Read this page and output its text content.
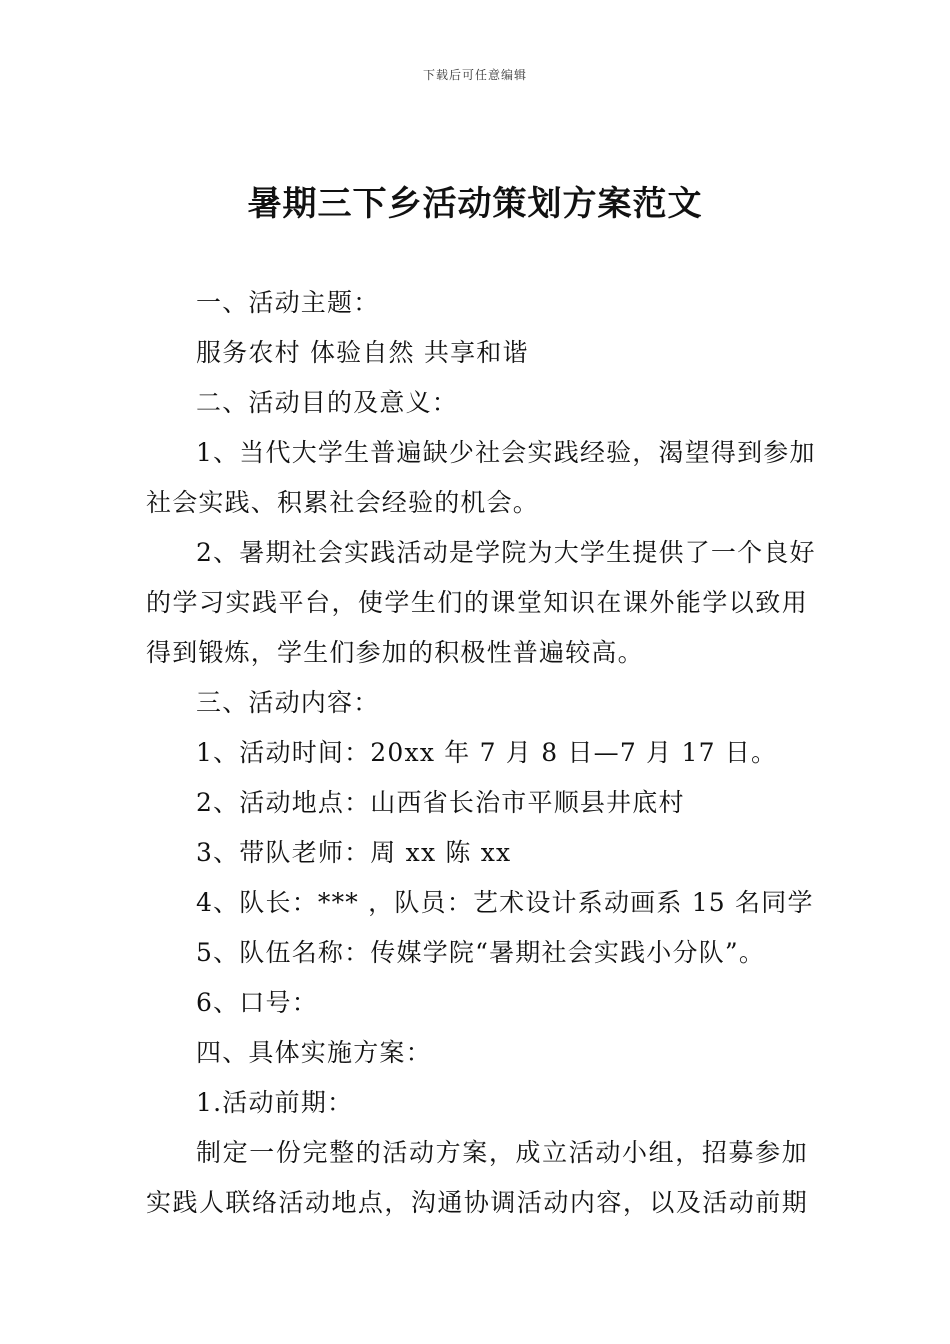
下载后可任意编辑
暑期三下乡活动策划方案范文
一、活动主题：
服务农村 体验自然 共享和谐
二、活动目的及意义：
1、当代大学生普遍缺少社会实践经验，渴望得到参加
社会实践、积累社会经验的机会。
2、暑期社会实践活动是学院为大学生提供了一个良好
的学习实践平台，使学生们的课堂知识在课外能学以致用
得到锻炼，学生们参加的积极性普遍较高。
三、活动内容：
1、活动时间：20xx 年 7 月 8 日—7 月 17 日。
2、活动地点：山西省长治市平顺县井底村
3、带队老师：周 xx 陈 xx
4、队长：*** ，队员：艺术设计系动画系 15 名同学
5、队伍名称：传媒学院“暑期社会实践小分队”。
6、口号：
四、具体实施方案：
1.活动前期：
制定一份完整的活动方案，成立活动小组，招募参加
实践人联络活动地点，沟通协调活动内容，以及活动前期
